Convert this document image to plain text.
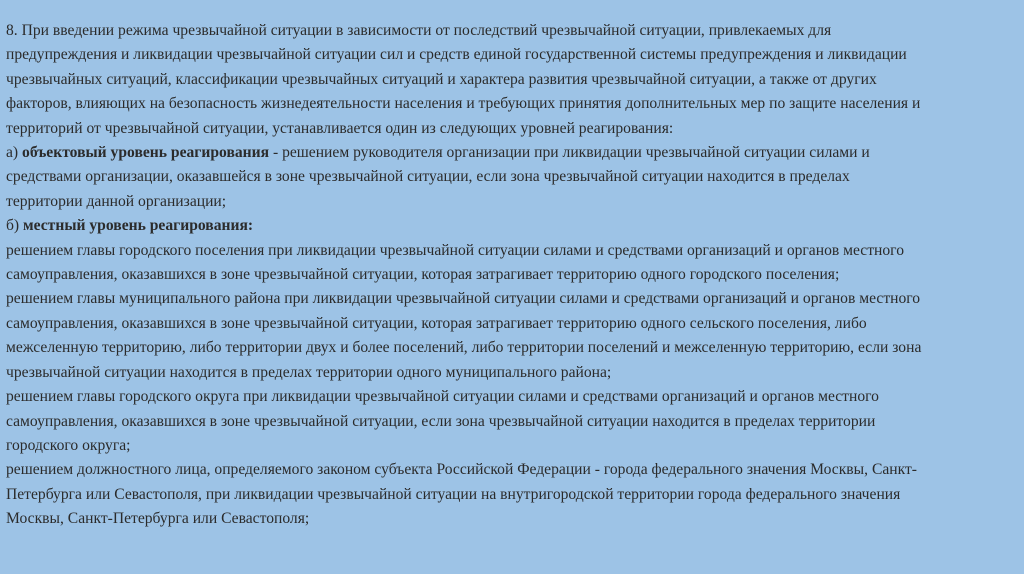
8. При введении режима чрезвычайной ситуации в зависимости от последствий чрезвычайной ситуации, привлекаемых для
предупреждения и ликвидации чрезвычайной ситуации сил и средств единой государственной системы предупреждения и ликвидации
чрезвычайных ситуаций, классификации чрезвычайных ситуаций и характера развития чрезвычайной ситуации, а также от других
факторов, влияющих на безопасность жизнедеятельности населения и требующих принятия дополнительных мер по защите населения и
территорий от чрезвычайной ситуации, устанавливается один из следующих уровней реагирования:
а) объектовый уровень реагирования - решением руководителя организации при ликвидации чрезвычайной ситуации силами и
средствами организации, оказавшейся в зоне чрезвычайной ситуации, если зона чрезвычайной ситуации находится в пределах
территории данной организации;
б) местный уровень реагирования:
решением главы городского поселения при ликвидации чрезвычайной ситуации силами и средствами организаций и органов местного
самоуправления, оказавшихся в зоне чрезвычайной ситуации, которая затрагивает территорию одного городского поселения;
решением главы муниципального района при ликвидации чрезвычайной ситуации силами и средствами организаций и органов местного
самоуправления, оказавшихся в зоне чрезвычайной ситуации, которая затрагивает территорию одного сельского поселения, либо
межселенную территорию, либо территории двух и более поселений, либо территории поселений и межселенную территорию, если зона
чрезвычайной ситуации находится в пределах территории одного муниципального района;
решением главы городского округа при ликвидации чрезвычайной ситуации силами и средствами организаций и органов местного
самоуправления, оказавшихся в зоне чрезвычайной ситуации, если зона чрезвычайной ситуации находится в пределах территории
городского округа;
решением должностного лица, определяемого законом субъекта Российской Федерации - города федерального значения Москвы, Санкт-
Петербурга или Севастополя, при ликвидации чрезвычайной ситуации на внутригородской территории города федерального значения
Москвы, Санкт-Петербурга или Севастополя;
